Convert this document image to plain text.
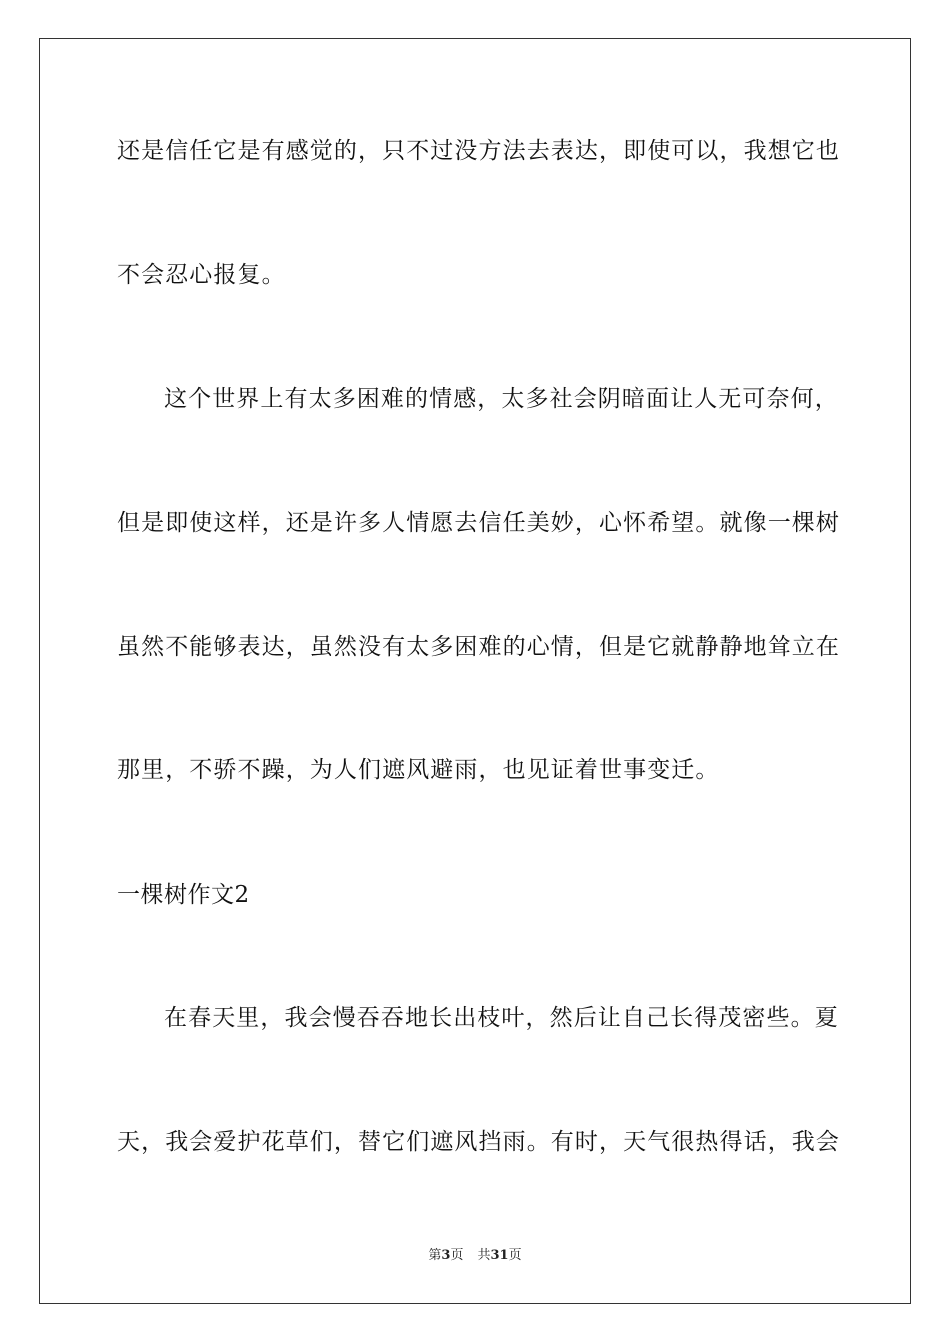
还是信任它是有感觉的，只不过没方法去表达，即使可以，我想它也
不会忍心报复。
这个世界上有太多困难的情感，太多社会阴暗面让人无可奈何，
但是即使这样，还是许多人情愿去信任美妙，心怀希望。就像一棵树
虽然不能够表达，虽然没有太多困难的心情，但是它就静静地耸立在
那里，不骄不躁，为人们遮风避雨，也见证着世事变迁。
一棵树作文2
在春天里，我会慢吞吞地长出枝叶，然后让自己长得茂密些。夏
天，我会爱护花草们，替它们遮风挡雨。有时，天气很热得话，我会
第3页 共31页
